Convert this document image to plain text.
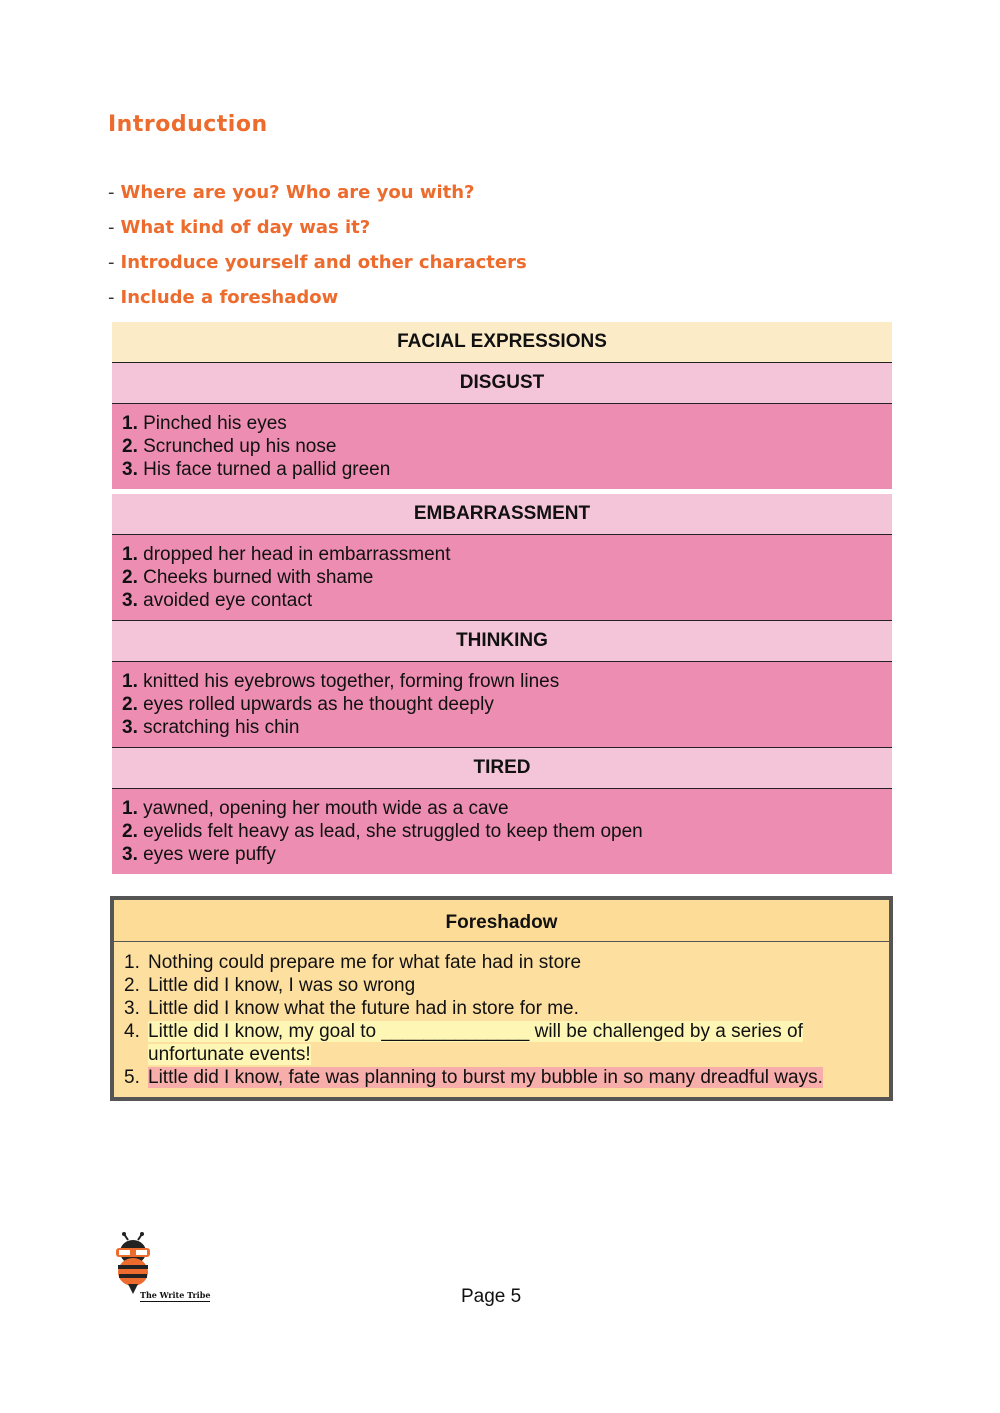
Introduction
- Where are you? Who are you with?
- What kind of day was it?
- Introduce yourself and other characters
- Include a foreshadow
FACIAL EXPRESSIONS
DISGUST
1. Pinched his eyes
2. Scrunched up his nose
3. His face turned a pallid green
EMBARRASSMENT
1. dropped her head in embarrassment
2. Cheeks burned with shame
3. avoided eye contact
THINKING
1. knitted his eyebrows together, forming frown lines
2. eyes rolled upwards as he thought deeply
3. scratching his chin
TIRED
1. yawned, opening her mouth wide as a cave
2. eyelids felt heavy as lead, she struggled to keep them open
3. eyes were puffy
Foreshadow
1. Nothing could prepare me for what fate had in store
2. Little did I know, I was so wrong
3. Little did I know what the future had in store for me.
4. Little did I know, my goal to ______________ will be challenged by a series of unfortunate events!
5. Little did I know, fate was planning to burst my bubble in so many dreadful ways.
The Write Tribe	Page 5
